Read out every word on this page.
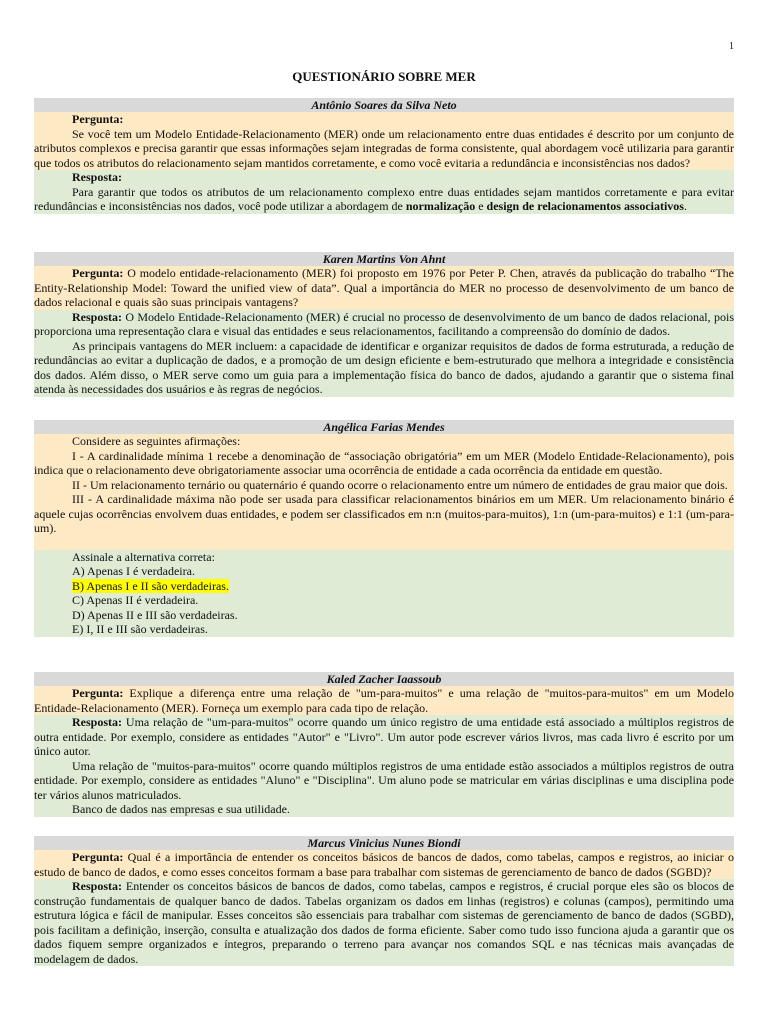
1
QUESTIONÁRIO SOBRE MER
Antônio Soares da Silva Neto

Pergunta:

Se você tem um Modelo Entidade-Relacionamento (MER) onde um relacionamento entre duas entidades é descrito por um conjunto de atributos complexos e precisa garantir que essas informações sejam integradas de forma consistente, qual abordagem você utilizaria para garantir que todos os atributos do relacionamento sejam mantidos corretamente, e como você evitaria a redundância e inconsistências nos dados?

Resposta:

Para garantir que todos os atributos de um relacionamento complexo entre duas entidades sejam mantidos corretamente e para evitar redundâncias e inconsistências nos dados, você pode utilizar a abordagem de normalização e design de relacionamentos associativos.

Karen Martins Von Ahnt

Pergunta: O modelo entidade-relacionamento (MER) foi proposto em 1976 por Peter P. Chen, através da publicação do trabalho “The Entity-Relationship Model: Toward the unified view of data”. Qual a importância do MER no processo de desenvolvimento de um banco de dados relacional e quais são suas principais vantagens?

Resposta: O Modelo Entidade-Relacionamento (MER) é crucial no processo de desenvolvimento de um banco de dados relacional, pois proporciona uma representação clara e visual das entidades e seus relacionamentos, facilitando a compreensão do domínio de dados.

As principais vantagens do MER incluem: a capacidade de identificar e organizar requisitos de dados de forma estruturada, a redução de redundâncias ao evitar a duplicação de dados, e a promoção de um design eficiente e bem-estruturado que melhora a integridade e consistência dos dados. Além disso, o MER serve como um guia para a implementação física do banco de dados, ajudando a garantir que o sistema final atenda às necessidades dos usuários e às regras de negócios.

Angélica Farias Mendes

Considere as seguintes afirmações:

I - A cardinalidade mínima 1 recebe a denominação de “associação obrigatória” em um MER (Modelo Entidade-Relacionamento), pois indica que o relacionamento deve obrigatoriamente associar uma ocorrência de entidade a cada ocorrência da entidade em questão.

II - Um relacionamento ternário ou quaternário é quando ocorre o relacionamento entre um número de entidades de grau maior que dois.

III - A cardinalidade máxima não pode ser usada para classificar relacionamentos binários em um MER. Um relacionamento binário é aquele cujas ocorrências envolvem duas entidades, e podem ser classificados em n:n (muitos-para-muitos), 1:n (um-para-muitos) e 1:1 (um-para-um).

Assinale a alternativa correta:

A) Apenas I é verdadeira.

B) Apenas I e II são verdadeiras.

C) Apenas II é verdadeira.

D) Apenas II e III são verdadeiras.

E) I, II e III são verdadeiras.

Kaled Zacher Iaassoub

Pergunta: Explique a diferença entre uma relação de "um-para-muitos" e uma relação de "muitos-para-muitos" em um Modelo Entidade-Relacionamento (MER). Forneça um exemplo para cada tipo de relação.

Resposta: Uma relação de "um-para-muitos" ocorre quando um único registro de uma entidade está associado a múltiplos registros de outra entidade. Por exemplo, considere as entidades "Autor" e "Livro". Um autor pode escrever vários livros, mas cada livro é escrito por um único autor.

Uma relação de "muitos-para-muitos" ocorre quando múltiplos registros de uma entidade estão associados a múltiplos registros de outra entidade. Por exemplo, considere as entidades "Aluno" e "Disciplina". Um aluno pode se matricular em várias disciplinas e uma disciplina pode ter vários alunos matriculados.

Banco de dados nas empresas e sua utilidade.

Marcus Vinicius Nunes Biondi

Pergunta: Qual é a importância de entender os conceitos básicos de bancos de dados, como tabelas, campos e registros, ao iniciar o estudo de banco de dados, e como esses conceitos formam a base para trabalhar com sistemas de gerenciamento de banco de dados (SGBD)?

Resposta: Entender os conceitos básicos de bancos de dados, como tabelas, campos e registros, é crucial porque eles são os blocos de construção fundamentais de qualquer banco de dados. Tabelas organizam os dados em linhas (registros) e colunas (campos), permitindo uma estrutura lógica e fácil de manipular. Esses conceitos são essenciais para trabalhar com sistemas de gerenciamento de banco de dados (SGBD), pois facilitam a definição, inserção, consulta e atualização dos dados de forma eficiente. Saber como tudo isso funciona ajuda a garantir que os dados fiquem sempre organizados e íntegros, preparando o terreno para avançar nos comandos SQL e nas técnicas mais avançadas de modelagem de dados.
